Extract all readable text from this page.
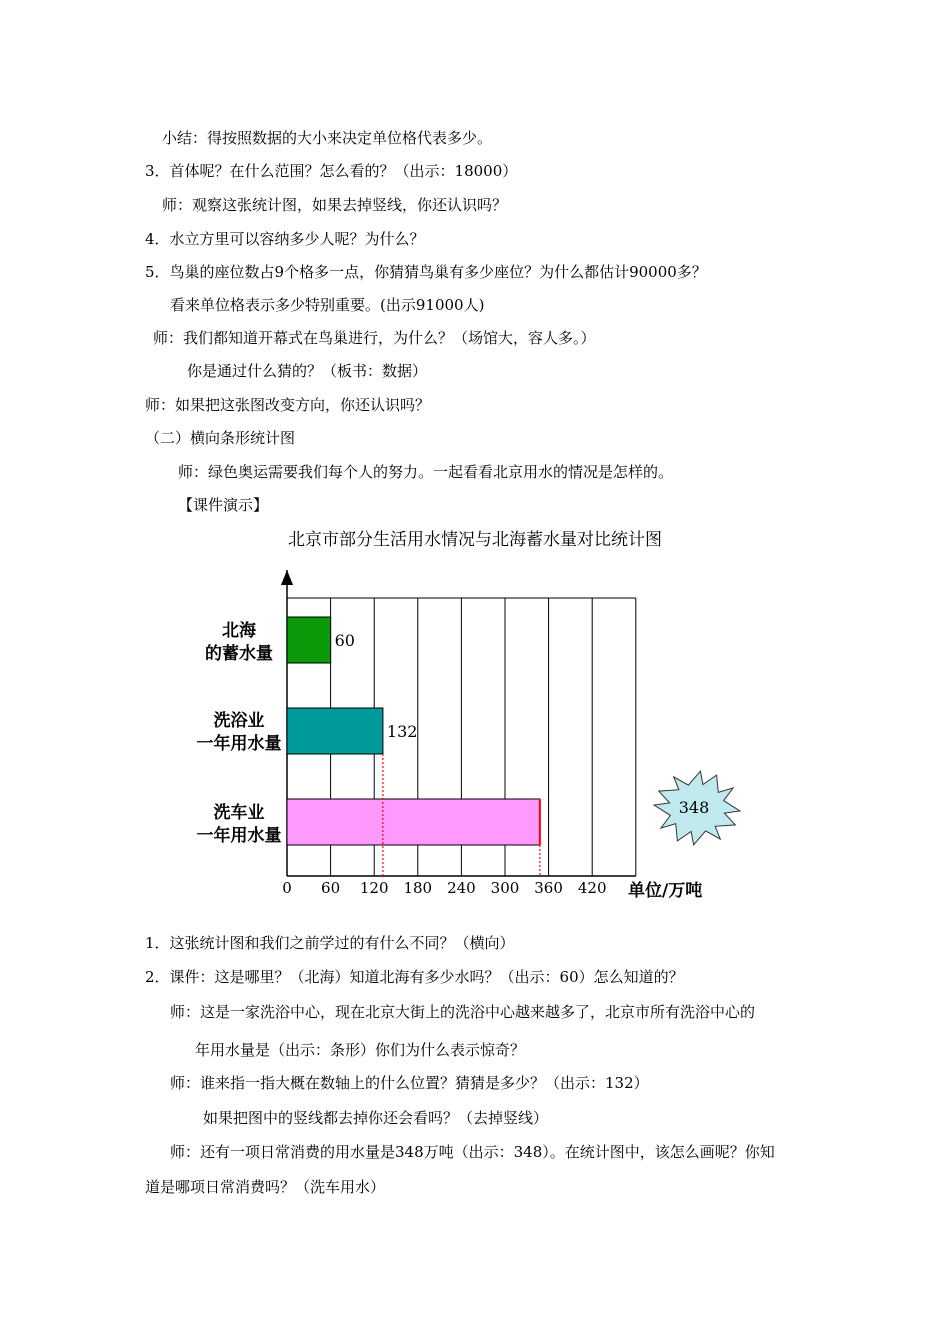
小结：得按照数据的大小来决定单位格代表多少。
3．首体呢？在什么范围？怎么看的？（出示：18000）
师：观察这张统计图，如果去掉竖线，你还认识吗？
4．水立方里可以容纳多少人呢？为什么？
5．鸟巢的座位数占9个格多一点，你猜猜鸟巢有多少座位？为什么都估计90000多？
看来单位格表示多少特别重要。(出示91000人)
师：我们都知道开幕式在鸟巢进行，为什么？（场馆大，容人多。）
你是通过什么猜的？（板书：数据）
师：如果把这张图改变方向，你还认识吗？
（二）横向条形统计图
师：绿色奥运需要我们每个人的努力。一起看看北京用水的情况是怎样的。
【课件演示】
北京市部分生活用水情况与北海蓄水量对比统计图
60
132
0 60 120 180 240 300 360 420 单位/万吨
348
北海
的蓄水量
洗浴业
一年用水量
洗车业
一年用水量
1．这张统计图和我们之前学过的有什么不同？（横向）
2．课件：这是哪里？（北海）知道北海有多少水吗？（出示：60）怎么知道的？
师：这是一家洗浴中心，现在北京大街上的洗浴中心越来越多了，北京市所有洗浴中心的
年用水量是（出示：条形）你们为什么表示惊奇？
师：谁来指一指大概在数轴上的什么位置？猜猜是多少？（出示：132）
如果把图中的竖线都去掉你还会看吗？（去掉竖线）
师：还有一项日常消费的用水量是348万吨（出示：348）。在统计图中，该怎么画呢？你知
道是哪项日常消费吗？（洗车用水）
